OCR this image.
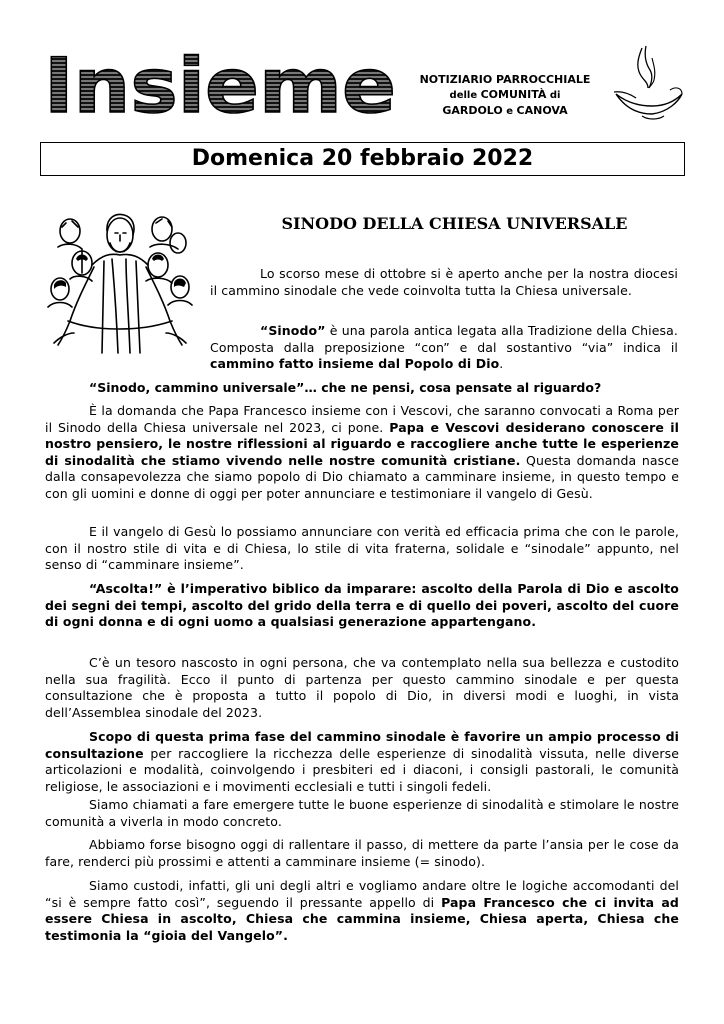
Insieme	NOTIZIARIO PARROCCHIALE
delle COMUNITÀ di
GARDOLO e CANOVA
Domenica 20 febbraio 2022
SINODO DELLA CHIESA UNIVERSALE

Lo scorso mese di ottobre si è aperto anche per la nostra diocesi il cammino sinodale che vede coinvolta tutta la Chiesa universale.

“Sinodo” è una parola antica legata alla Tradizione della Chiesa. Composta dalla preposizione “con” e dal sostantivo “via” indica il cammino fatto insieme dal Popolo di Dio.

“Sinodo, cammino universale”… che ne pensi, cosa pensate al riguardo?

È la domanda che Papa Francesco insieme con i Vescovi, che saranno convocati a Roma per il Sinodo della Chiesa universale nel 2023, ci pone. Papa e Vescovi desiderano conoscere il nostro pensiero, le nostre riflessioni al riguardo e raccogliere anche tutte le esperienze di sinodalità che stiamo vivendo nelle nostre comunità cristiane. Questa domanda nasce dalla consapevolezza che siamo popolo di Dio chiamato a camminare insieme, in questo tempo e con gli uomini e donne di oggi per poter annunciare e testimoniare il vangelo di Gesù.

E il vangelo di Gesù lo possiamo annunciare con verità ed efficacia prima che con le parole, con il nostro stile di vita e di Chiesa, lo stile di vita fraterna, solidale e “sinodale” appunto, nel senso di “camminare insieme”.

“Ascolta!” è l’imperativo biblico da imparare: ascolto della Parola di Dio e ascolto dei segni dei tempi, ascolto del grido della terra e di quello dei poveri, ascolto del cuore di ogni donna e di ogni uomo a qualsiasi generazione appartengano.

C’è un tesoro nascosto in ogni persona, che va contemplato nella sua bellezza e custodito nella sua fragilità. Ecco il punto di partenza per questo cammino sinodale e per questa consultazione che è proposta a tutto il popolo di Dio, in diversi modi e luoghi, in vista dell’Assemblea sinodale del 2023.

Scopo di questa prima fase del cammino sinodale è favorire un ampio processo di consultazione per raccogliere la ricchezza delle esperienze di sinodalità vissuta, nelle diverse articolazioni e modalità, coinvolgendo i presbiteri ed i diaconi, i consigli pastorali, le comunità religiose, le associazioni e i movimenti ecclesiali e tutti i singoli fedeli.

Siamo chiamati a fare emergere tutte le buone esperienze di sinodalità e stimolare le nostre comunità a viverla in modo concreto.

Abbiamo forse bisogno oggi di rallentare il passo, di mettere da parte l’ansia per le cose da fare, renderci più prossimi e attenti a camminare insieme (= sinodo).

Siamo custodi, infatti, gli uni degli altri e vogliamo andare oltre le logiche accomodanti del “si è sempre fatto così”, seguendo il pressante appello di Papa Francesco che ci invita ad essere Chiesa in ascolto, Chiesa che cammina insieme, Chiesa aperta, Chiesa che testimonia la “gioia del Vangelo”.
